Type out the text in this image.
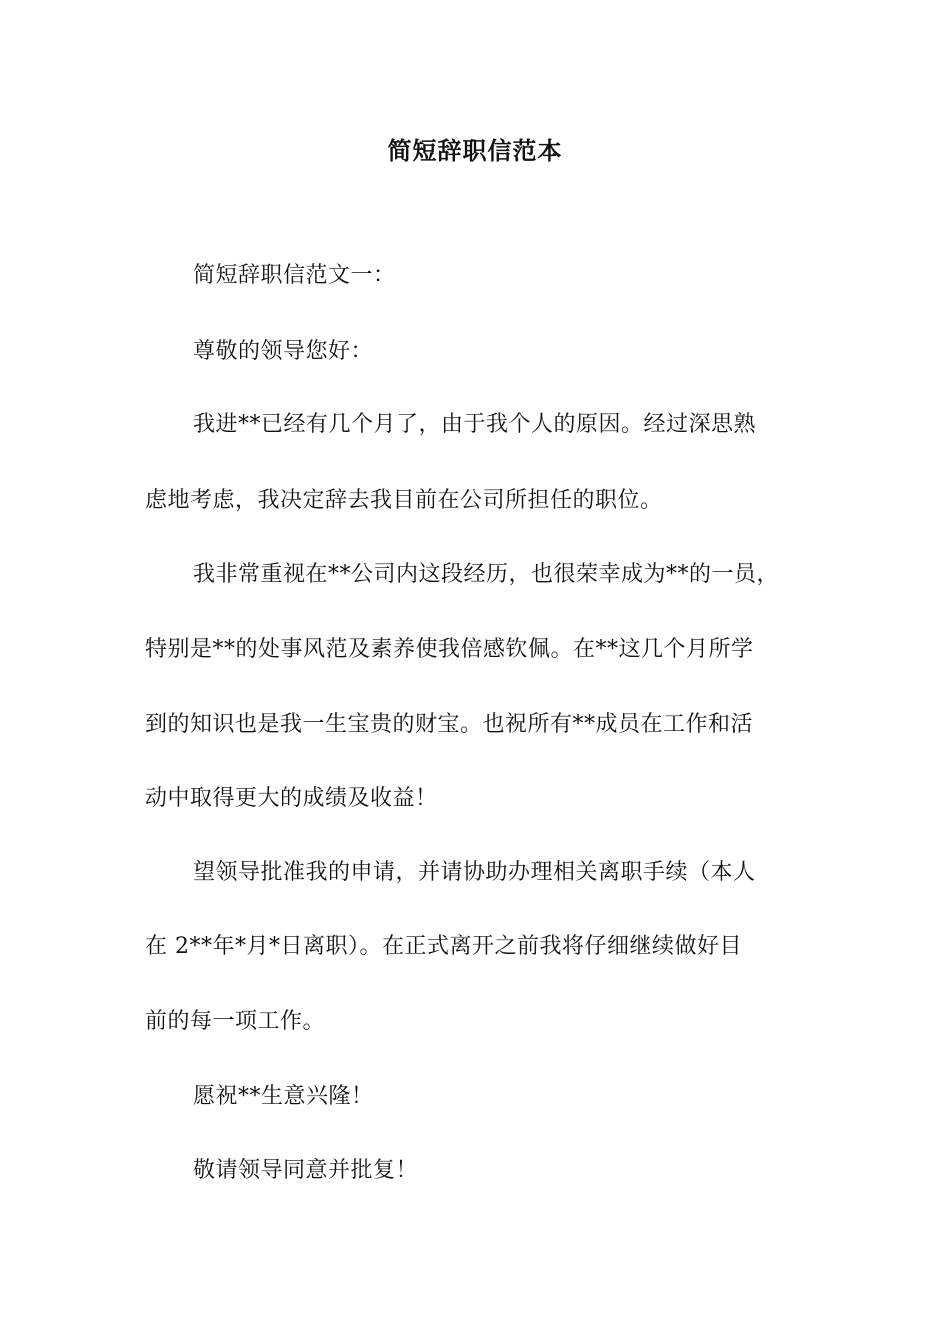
简短辞职信范本
简短辞职信范文一：
尊敬的领导您好：
我进**已经有几个月了，由于我个人的原因。经过深思熟
虑地考虑，我决定辞去我目前在公司所担任的职位。
我非常重视在**公司内这段经历，也很荣幸成为**的一员，
特别是**的处事风范及素养使我倍感钦佩。在**这几个月所学
到的知识也是我一生宝贵的财宝。也祝所有**成员在工作和活
动中取得更大的成绩及收益！
望领导批准我的申请，并请协助办理相关离职手续（本人
在 2**年*月*日离职）。在正式离开之前我将仔细继续做好目
前的每一项工作。
愿祝**生意兴隆！
敬请领导同意并批复！
